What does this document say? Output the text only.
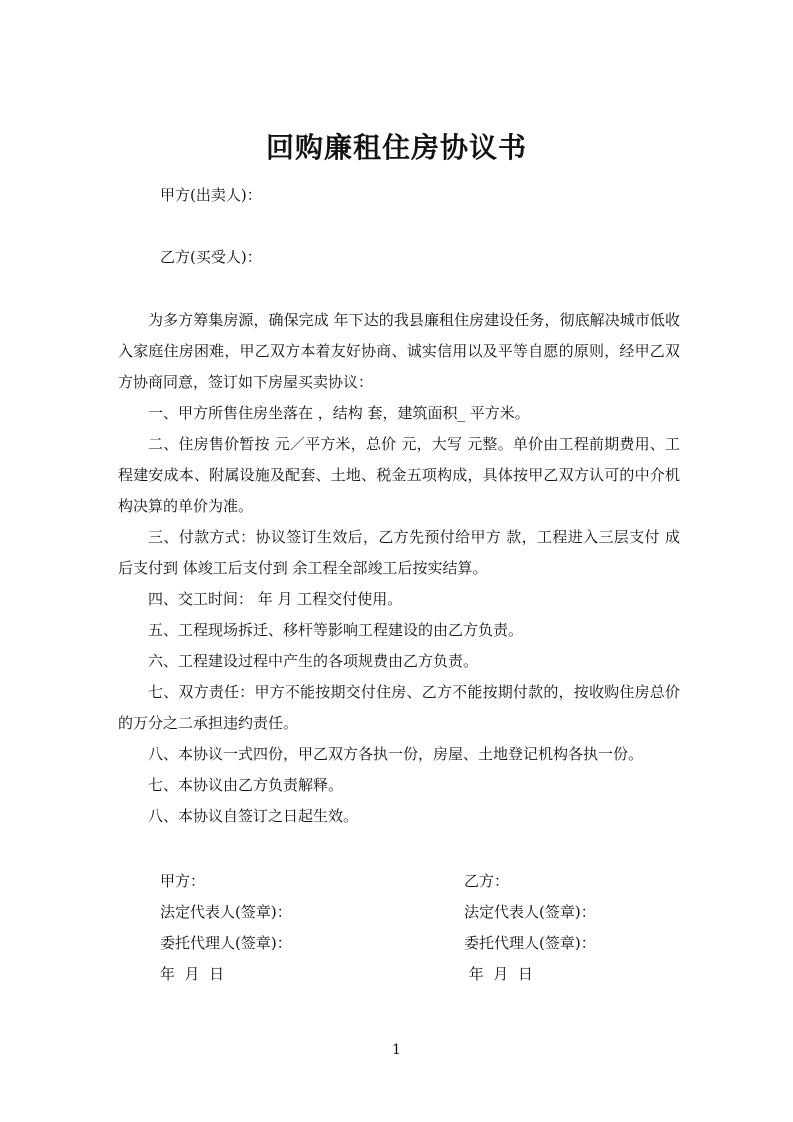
回购廉租住房协议书
甲方(出卖人)：
乙方(买受人)：

为多方筹集房源，确保完成 年下达的我县廉租住房建设任务，彻底解决城市低收入家庭住房困难，甲乙双方本着友好协商、诚实信用以及平等自愿的原则，经甲乙双方协商同意，签订如下房屋买卖协议：

一、甲方所售住房坐落在 ，结构 套，建筑面积_ 平方米。

二、住房售价暂按 元／平方米，总价 元，大写 元整。单价由工程前期费用、工程建安成本、附属设施及配套、土地、税金五项构成，具体按甲乙双方认可的中介机构决算的单价为准。

三、付款方式：协议签订生效后，乙方先预付给甲方 款，工程进入三层支付 成后支付到 体竣工后支付到 余工程全部竣工后按实结算。

四、交工时间： 年 月 工程交付使用。

五、工程现场拆迁、移杆等影响工程建设的由乙方负责。

六、工程建设过程中产生的各项规费由乙方负责。

七、双方责任：甲方不能按期交付住房、乙方不能按期付款的，按收购住房总价的万分之二承担违约责任。

八、本协议一式四份，甲乙双方各执一份，房屋、土地登记机构各执一份。

七、本协议由乙方负责解释。

八、本协议自签订之日起生效。

甲方：
法定代表人(签章)：
委托代理人(签章)：
年  月  日
乙方：
法定代表人(签章)：
委托代理人(签章)：
年  月  日
1
